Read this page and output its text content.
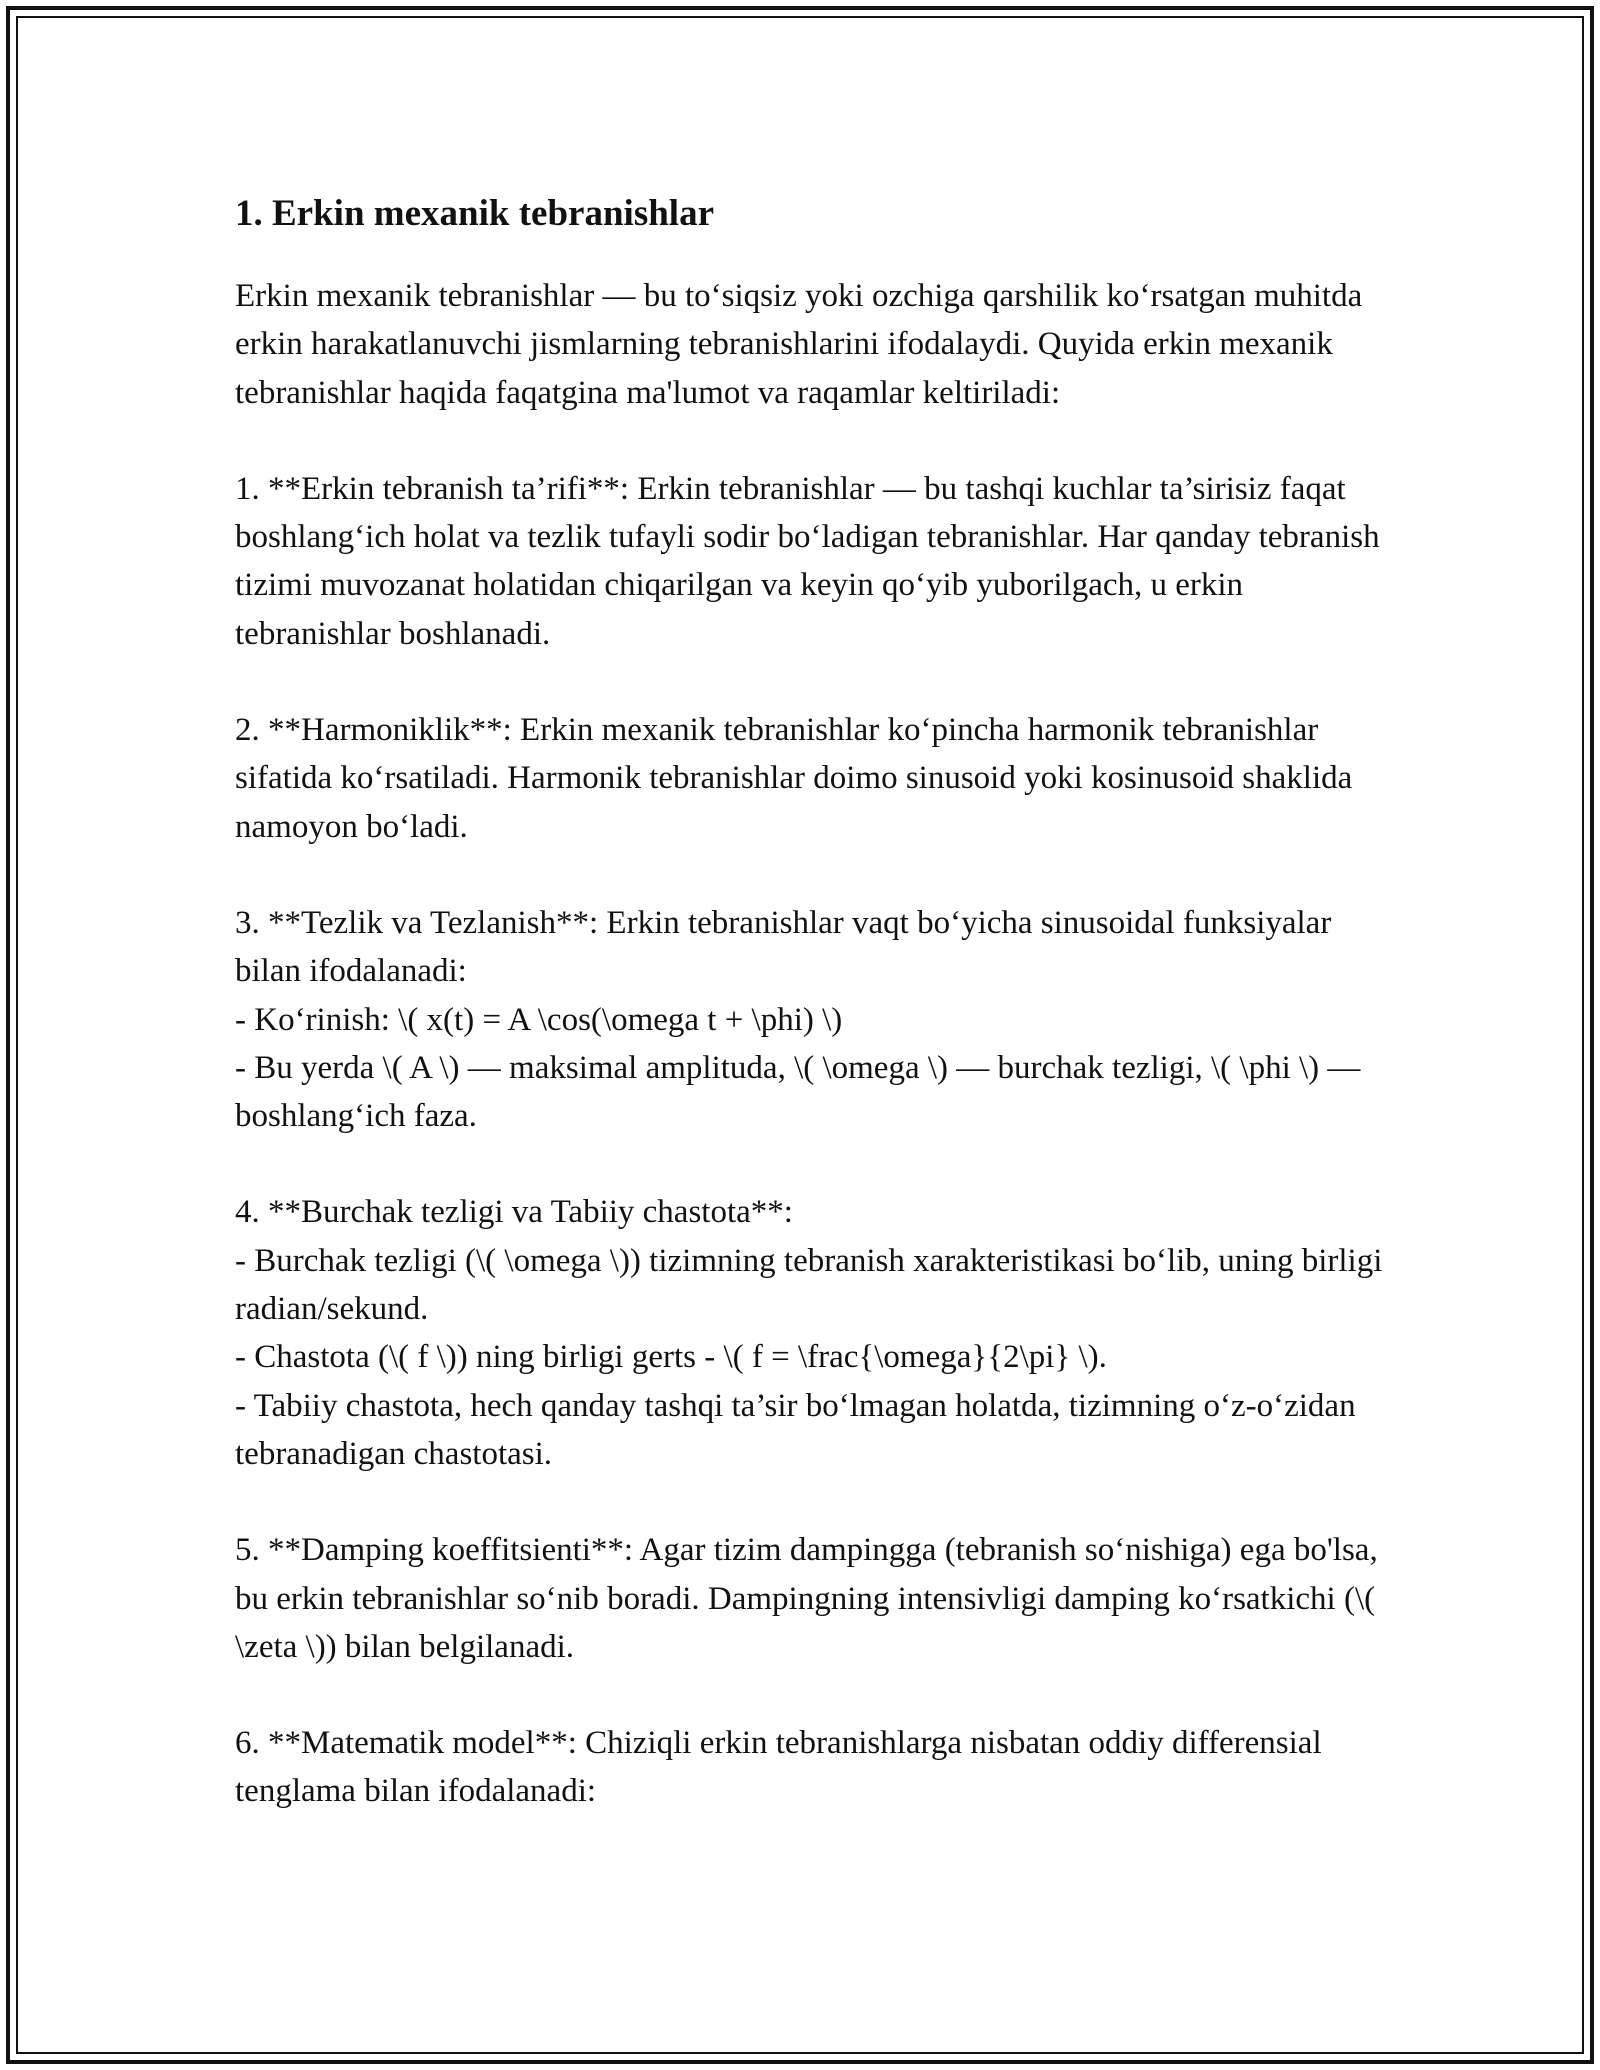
1. Erkin mexanik tebranishlar

Erkin mexanik tebranishlar — bu to‘siqsiz yoki ozchiga qarshilik ko‘rsatgan muhitda erkin harakatlanuvchi jismlarning tebranishlarini ifodalaydi. Quyida erkin mexanik tebranishlar haqida faqatgina ma'lumot va raqamlar keltiriladi:

1. **Erkin tebranish ta’rifi**: Erkin tebranishlar — bu tashqi kuchlar ta’sirisiz faqat boshlang‘ich holat va tezlik tufayli sodir bo‘ladigan tebranishlar. Har qanday tebranish tizimi muvozanat holatidan chiqarilgan va keyin qo‘yib yuborilgach, u erkin tebranishlar boshlanadi.

2. **Harmoniklik**: Erkin mexanik tebranishlar ko‘pincha harmonik tebranishlar sifatida ko‘rsatiladi. Harmonik tebranishlar doimo sinusoid yoki kosinusoid shaklida namoyon bo‘ladi.

3. **Tezlik va Tezlanish**: Erkin tebranishlar vaqt bo‘yicha sinusoidal funksiyalar bilan ifodalanadi:
- Ko‘rinish: \( x(t) = A \cos(\omega t + \phi) \)
- Bu yerda \( A \) — maksimal amplituda, \( \omega \) — burchak tezligi, \( \phi \) — boshlang‘ich faza.

4. **Burchak tezligi va Tabiiy chastota**:
- Burchak tezligi (\( \omega \)) tizimning tebranish xarakteristikasi bo‘lib, uning birligi radian/sekund.
- Chastota (\( f \)) ning birligi gerts - \( f = \frac{\omega}{2\pi} \).
- Tabiiy chastota, hech qanday tashqi ta’sir bo‘lmagan holatda, tizimning o‘z-o‘zidan tebranadigan chastotasi.

5. **Damping koeffitsienti**: Agar tizim dampingga (tebranish so‘nishiga) ega bo'lsa, bu erkin tebranishlar so‘nib boradi. Dampingning intensivligi damping ko‘rsatkichi (\( \zeta \)) bilan belgilanadi.

6. **Matematik model**: Chiziqli erkin tebranishlarga nisbatan oddiy differensial tenglama bilan ifodalanadi:
